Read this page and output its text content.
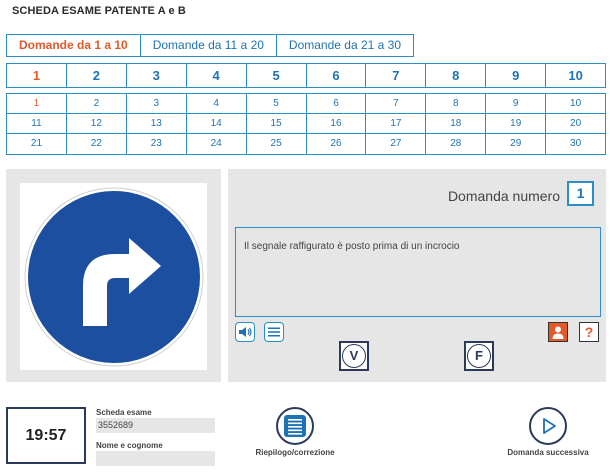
SCHEDA ESAME PATENTE A e B
Domande da 1 a 10	Domande da 11 a 20	Domande da 21 a 30
1	2	3	4	5	6	7	8	9	10
1	2	3	4	5	6	7	8	9	10
11	12	13	14	15	16	17	18	19	20
21	22	23	24	25	26	27	28	29	30
Domanda numero	1
Il segnale raffigurato è posto prima di un incrocio
?
V	F
19:57
Scheda esame
3552689
Nome e cognome
Riepilogo/correzione	Domanda successiva
